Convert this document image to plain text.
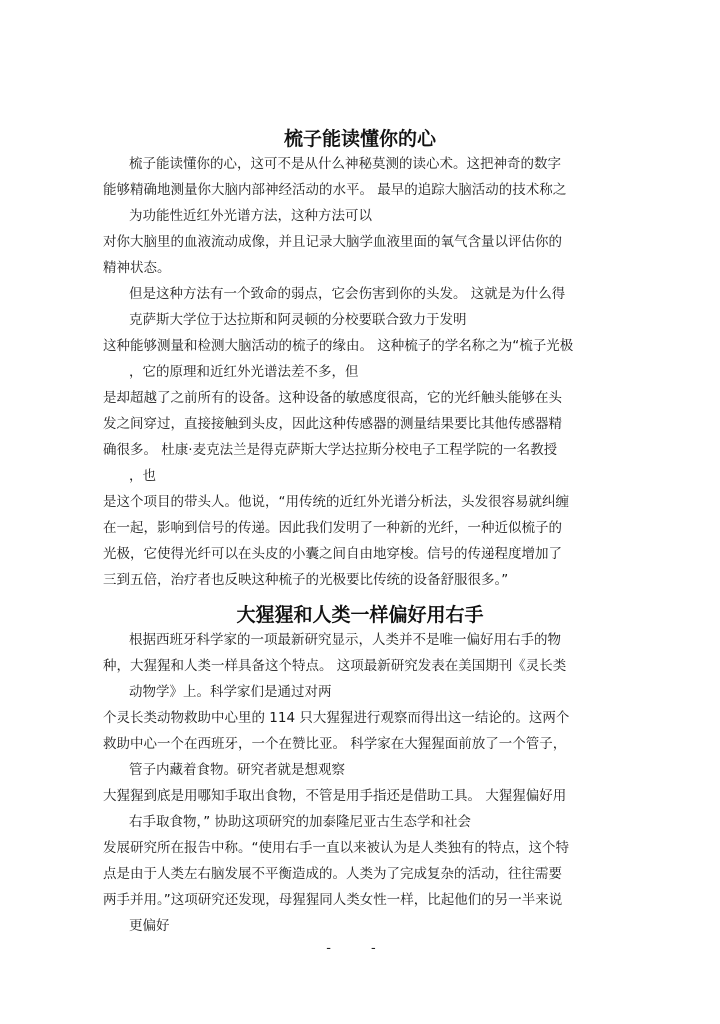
梳子能读懂你的心

梳子能读懂你的心，这可不是从什么神秘莫测的读心术。这把神奇的数字

能够精确地测量你大脑内部神经活动的水平。 最早的追踪大脑活动的技术称之

为功能性近红外光谱方法，这种方法可以

对你大脑里的血液流动成像，并且记录大脑学血液里面的氧气含量以评估你的

精神状态。

但是这种方法有一个致命的弱点，它会伤害到你的头发。 这就是为什么得

克萨斯大学位于达拉斯和阿灵顿的分校要联合致力于发明

这种能够测量和检测大脑活动的梳子的缘由。 这种梳子的学名称之为“梳子光极

，它的原理和近红外光谱法差不多，但

是却超越了之前所有的设备。这种设备的敏感度很高，它的光纤触头能够在头

发之间穿过，直接接触到头皮，因此这种传感器的测量结果要比其他传感器精

确很多。 杜康·麦克法兰是得克萨斯大学达拉斯分校电子工程学院的一名教授

，也

是这个项目的带头人。他说，“用传统的近红外光谱分析法，头发很容易就纠缠

在一起，影响到信号的传递。因此我们发明了一种新的光纤，一种近似梳子的

光极，它使得光纤可以在头皮的小囊之间自由地穿梭。信号的传递程度增加了

三到五倍，治疗者也反映这种梳子的光极要比传统的设备舒服很多。”

大猩猩和人类一样偏好用右手

根据西班牙科学家的一项最新研究显示，人类并不是唯一偏好用右手的物

种，大猩猩和人类一样具备这个特点。 这项最新研究发表在美国期刊《灵长类

动物学》上。科学家们是通过对两

个灵长类动物救助中心里的 114 只大猩猩进行观察而得出这一结论的。这两个

救助中心一个在西班牙，一个在赞比亚。 科学家在大猩猩面前放了一个管子，

管子内藏着食物。研究者就是想观察

大猩猩到底是用哪知手取出食物，不管是用手指还是借助工具。 大猩猩偏好用

右手取食物，” 协助这项研究的加泰隆尼亚古生态学和社会

发展研究所在报告中称。“使用右手一直以来被认为是人类独有的特点，这个特

点是由于人类左右脑发展不平衡造成的。人类为了完成复杂的活动，往往需要

两手并用。”这项研究还发现，母猩猩同人类女性一样，比起他们的另一半来说

更偏好

- -
